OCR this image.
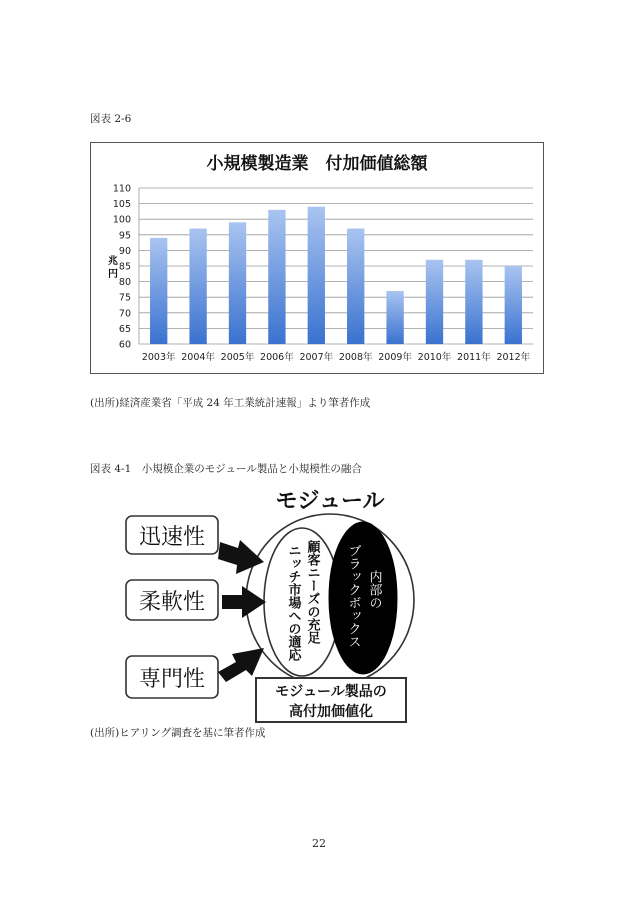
図表 2-6
小規模製造業　付加価値総額
兆
円
60
65
70
75
80
85
90
95
100
105
110
2003年 2004年 2005年 2006年 2007年 2008年 2009年 2010年 2011年 2012年
(出所)経済産業省「平成 24 年工業統計速報」より筆者作成
図表 4-1　小規模企業のモジュール製品と小規模性の融合
モジュール
顧客ニーズの充足
ニッチ市場への適応	ブラックボックス 内部の
迅速性
柔軟性
専門性	モジュール製品の
高付加価値化
(出所)ヒアリング調査を基に筆者作成
22
